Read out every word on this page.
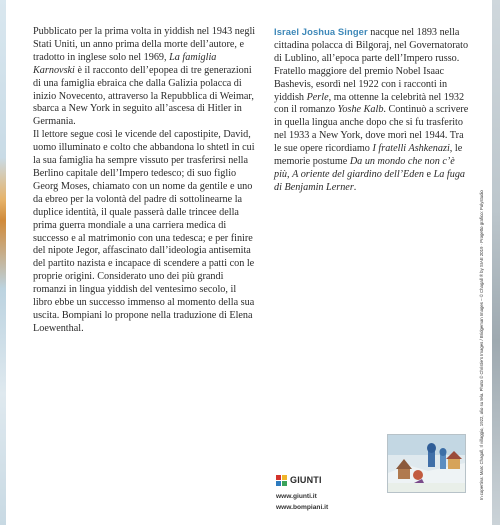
Pubblicato per la prima volta in yiddish nel 1943 negli Stati Uniti, un anno prima della morte dell’autore, e tradotto in inglese solo nel 1969, La famiglia Karnovski è il racconto dell’epopea di tre generazioni di una famiglia ebraica che dalla Galizia polacca di inizio Novecento, attraverso la Repubblica di Weimar, sbarca a New York in seguito all’ascesa di Hitler in Germania.

Il lettore segue così le vicende del capostipite, David, uomo illuminato e colto che abbandona lo shtetl in cui la sua famiglia ha sempre vissuto per trasferirsi nella Berlino capitale dell’Impero tedesco; di suo figlio Georg Moses, chiamato con un nome da gentile e uno da ebreo per la volontà del padre di sottolinearne la duplice identità, il quale passerà dalle trincee della prima guerra mondiale a una carriera medica di successo e al matrimonio con una tedesca; e per finire del nipote Jegor, affascinato dall’ideologia antisemita del partito nazista e incapace di scendere a patti con le proprie origini. Considerato uno dei più grandi romanzi in lingua yiddish del ventesimo secolo, il libro ebbe un successo immenso al momento della sua uscita. Bompiani lo propone nella traduzione di Elena Loewenthal.

Israel Joshua Singer nacque nel 1893 nella cittadina polacca di Bilgoraj, nel Governatorato di Lublino, all’epoca parte dell’Impero russo. Fratello maggiore del premio Nobel Isaac Bashevis, esordì nel 1922 con i racconti in yiddish Perle, ma ottenne la celebrità nel 1932 con il romanzo Yoshe Kalb. Continuò a scrivere in quella lingua anche dopo che si fu trasferito nel 1933 a New York, dove morì nel 1944. Tra le sue opere ricordiamo I fratelli Ashkenazi, le memorie postume Da un mondo che non c’è più, A oriente del giardino dell’Eden e La fuga di Benjamin Lerner.

In copertina: Marc Chagall, Il villaggio, 1922, olio su tela. Photo © Christie's Images / Bridgeman Images – © Chagall ® by SIAE 2019 · Progetto grafico: Polystudio
GIUNTI
www.giunti.it
www.bompiani.it
